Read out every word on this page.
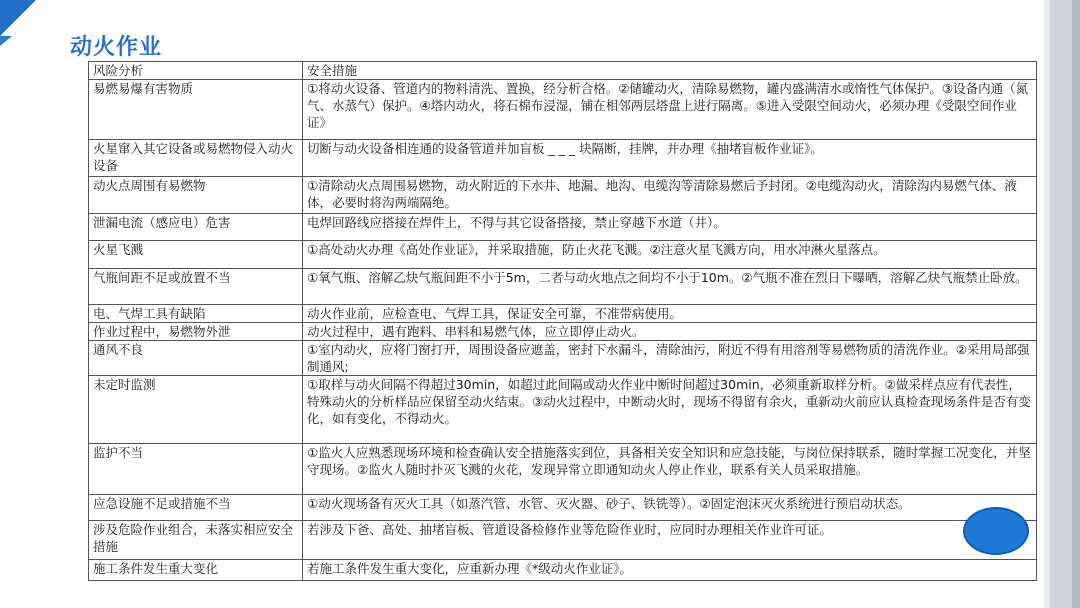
动火作业
风险分析	安全措施
易燃易爆有害物质	①将动火设备、管道内的物料清洗、置换，经分析合格。②储罐动火，清除易燃物，罐内盛满清水或惰性气体保护。③设备内通（氮气、水蒸气）保护。④塔内动火，将石棉布浸湿，铺在相邻两层塔盘上进行隔离。⑤进入受限空间动火，必须办理《受限空间作业证》
火星窜入其它设备或易燃物侵入动火设备	切断与动火设备相连通的设备管道并加盲板 _ _ _ 块隔断，挂牌，并办理《抽堵盲板作业证》。
动火点周围有易燃物	①清除动火点周围易燃物，动火附近的下水井、地漏、地沟、电缆沟等清除易燃后予封闭。②电缆沟动火，清除沟内易燃气体、液体，必要时将沟两端隔绝。
泄漏电流（感应电）危害	电焊回路线应搭接在焊件上，不得与其它设备搭接，禁止穿越下水道（井）。
火星飞溅	①高处动火办理《高处作业证》，并采取措施，防止火花飞溅。②注意火星飞溅方向，用水冲淋火星落点。
气瓶间距不足或放置不当	①氧气瓶、溶解乙炔气瓶间距不小于5m，二者与动火地点之间均不小于10m。②气瓶不准在烈日下曝晒，溶解乙炔气瓶禁止卧放。
电、气焊工具有缺陷	动火作业前，应检查电、气焊工具，保证安全可靠，不准带病使用。
作业过程中，易燃物外泄	动火过程中，遇有跑料、串料和易燃气体，应立即停止动火。
通风不良	①室内动火，应将门窗打开，周围设备应遮盖，密封下水漏斗，清除油污，附近不得有用溶剂等易燃物质的清洗作业。②采用局部强制通风;
未定时监测	①取样与动火间隔不得超过30min，如超过此间隔或动火作业中断时间超过30min，必须重新取样分析。②做采样点应有代表性，特殊动火的分析样品应保留至动火结束。③动火过程中，中断动火时，现场不得留有余火，重新动火前应认真检查现场条件是否有变化，如有变化，不得动火。
监护不当	①监火人应熟悉现场环境和检查确认安全措施落实到位，具备相关安全知识和应急技能，与岗位保持联系，随时掌握工况变化，并坚守现场。②监火人随时扑灭飞溅的火花，发现异常立即通知动火人停止作业，联系有关人员采取措施。
应急设施不足或措施不当	①动火现场备有灭火工具（如蒸汽管、水管、灭火器、砂子、铁铣等）。②固定泡沫灭火系统进行预启动状态。
涉及危险作业组合，未落实相应安全措施	若涉及下爸、高处、抽堵盲板、管道设备检修作业等危险作业时，应同时办理相关作业许可证。
施工条件发生重大变化	若施工条件发生重大变化，应重新办理《*级动火作业证》。
